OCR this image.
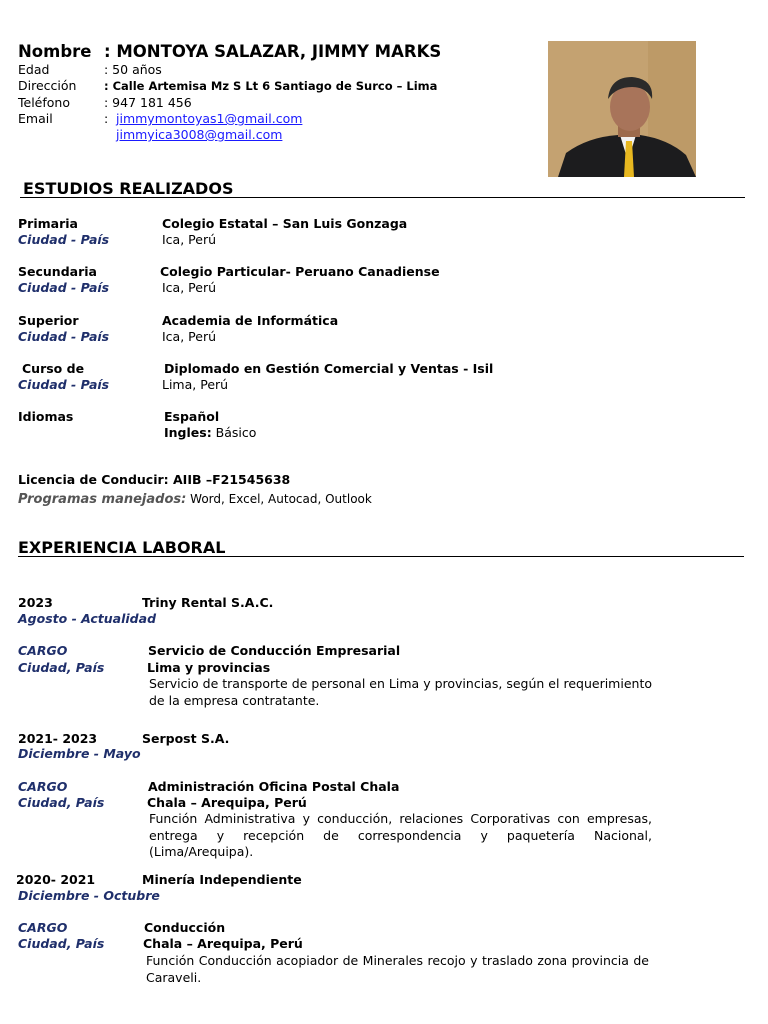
Nombre : MONTOYA SALAZAR, JIMMY MARKS
Edad	: 50 años
Dirección : Calle Artemisa Mz S Lt 6 Santiago de Surco – Lima
Teléfono	: 947 181 456
Email	: jimmymontoyas1@gmail.com
jimmyica3008@gmail.com
ESTUDIOS REALIZADOS
Primaria	Colegio Estatal – San Luis Gonzaga
Ciudad - País	Ica, Perú
Secundaria	Colegio Particular- Peruano Canadiense
Ciudad - País	Ica, Perú
Superior	Academia de Informática
Ciudad - País	Ica, Perú
Curso de	Diplomado en Gestión Comercial y Ventas - Isil
Ciudad - País	Lima, Perú
Idiomas	Español
Ingles: Básico
Licencia de Conducir: AIIB –F21545638
Programas manejados: Word, Excel, Autocad, Outlook
EXPERIENCIA LABORAL
2023	Triny Rental S.A.C.
Agosto - Actualidad
CARGO	Servicio de Conducción Empresarial
Ciudad, País	Lima y provincias
Servicio de transporte de personal en Lima y provincias, según el requerimiento de la empresa contratante.
2021- 2023	Serpost S.A.
Diciembre - Mayo
CARGO	Administración Oficina Postal Chala
Ciudad, País	Chala – Arequipa, Perú
Función Administrativa y conducción, relaciones Corporativas con empresas, entrega y recepción de correspondencia y paquetería Nacional, (Lima/Arequipa).
2020- 2021	Minería Independiente
Diciembre - Octubre
CARGO	Conducción
Ciudad, País	Chala – Arequipa, Perú
Función Conducción acopiador de Minerales recojo y traslado zona provincia de Caraveli.
